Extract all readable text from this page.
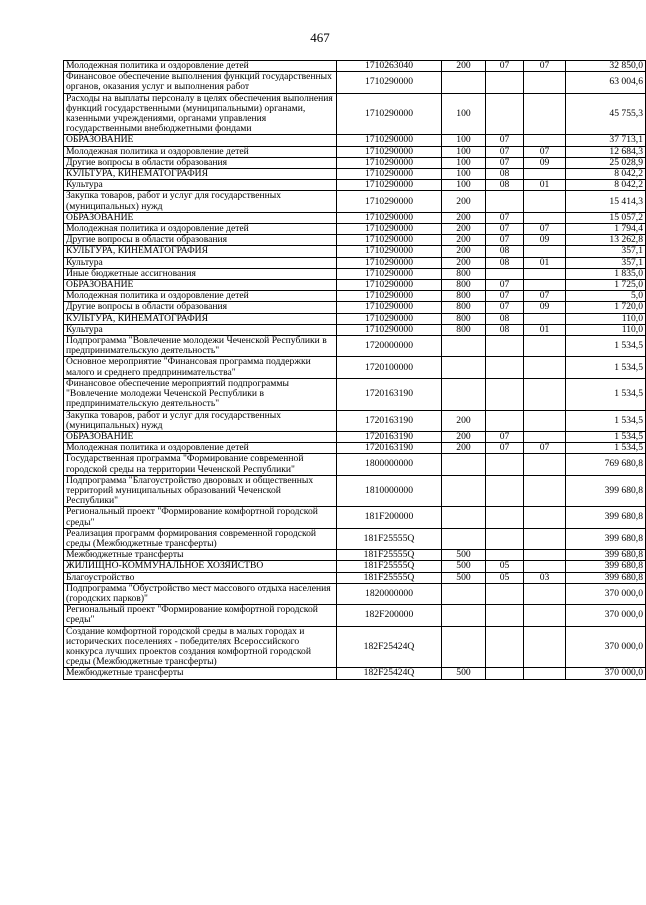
467
Молодежная политика и оздоровление детей	1710263040	200	07	07	32 850,0
Финансовое обеспечение выполнения функций государственных органов, оказания услуг и выполнения работ	1710290000				63 004,6
Расходы на выплаты персоналу в целях обеспечения выполнения функций государственными (муниципальными) органами, казенными учреждениями, органами управления государственными внебюджетными фондами	1710290000	100			45 755,3
ОБРАЗОВАНИЕ	1710290000	100	07		37 713,1
Молодежная политика и оздоровление детей	1710290000	100	07	07	12 684,3
Другие вопросы в области образования	1710290000	100	07	09	25 028,9
КУЛЬТУРА, КИНЕМАТОГРАФИЯ	1710290000	100	08		8 042,2
Культура	1710290000	100	08	01	8 042,2
Закупка товаров, работ и услуг для государственных (муниципальных) нужд	1710290000	200			15 414,3
ОБРАЗОВАНИЕ	1710290000	200	07		15 057,2
Молодежная политика и оздоровление детей	1710290000	200	07	07	1 794,4
Другие вопросы в области образования	1710290000	200	07	09	13 262,8
КУЛЬТУРА, КИНЕМАТОГРАФИЯ	1710290000	200	08		357,1
Культура	1710290000	200	08	01	357,1
Иные бюджетные ассигнования	1710290000	800			1 835,0
ОБРАЗОВАНИЕ	1710290000	800	07		1 725,0
Молодежная политика и оздоровление детей	1710290000	800	07	07	5,0
Другие вопросы в области образования	1710290000	800	07	09	1 720,0
КУЛЬТУРА, КИНЕМАТОГРАФИЯ	1710290000	800	08		110,0
Культура	1710290000	800	08	01	110,0
Подпрограмма "Вовлечение молодежи Чеченской Республики в предпринимательскую деятельность"	1720000000				1 534,5
Основное мероприятие "Финансовая программа поддержки малого и среднего предпринимательства"	1720100000				1 534,5
Финансовое обеспечение мероприятий подпрограммы "Вовлечение молодежи Чеченской Республики в предпринимательскую деятельность"	1720163190				1 534,5
Закупка товаров, работ и услуг для государственных (муниципальных) нужд	1720163190	200			1 534,5
ОБРАЗОВАНИЕ	1720163190	200	07		1 534,5
Молодежная политика и оздоровление детей	1720163190	200	07	07	1 534,5
Государственная программа "Формирование современной городской среды на территории Чеченской Республики"	1800000000				769 680,8
Подпрограмма "Благоустройство дворовых и общественных территорий муниципальных образований Чеченской Республики"	1810000000				399 680,8
Региональный проект "Формирование комфортной городской среды"	181F200000				399 680,8
Реализация программ формирования современной городской среды (Межбюджетные трансферты)	181F25555Q				399 680,8
Межбюджетные трансферты	181F25555Q	500			399 680,8
ЖИЛИЩНО-КОММУНАЛЬНОЕ ХОЗЯЙСТВО	181F25555Q	500	05		399 680,8
Благоустройство	181F25555Q	500	05	03	399 680,8
Подпрограмма "Обустройство мест массового отдыха населения (городских парков)"	1820000000				370 000,0
Региональный проект "Формирование комфортной городской среды"	182F200000				370 000,0
Создание комфортной городской среды в малых городах и исторических поселениях - победителях Всероссийского конкурса лучших проектов создания комфортной городской среды (Межбюджетные трансферты)	182F25424Q				370 000,0
Межбюджетные трансферты	182F25424Q	500			370 000,0
